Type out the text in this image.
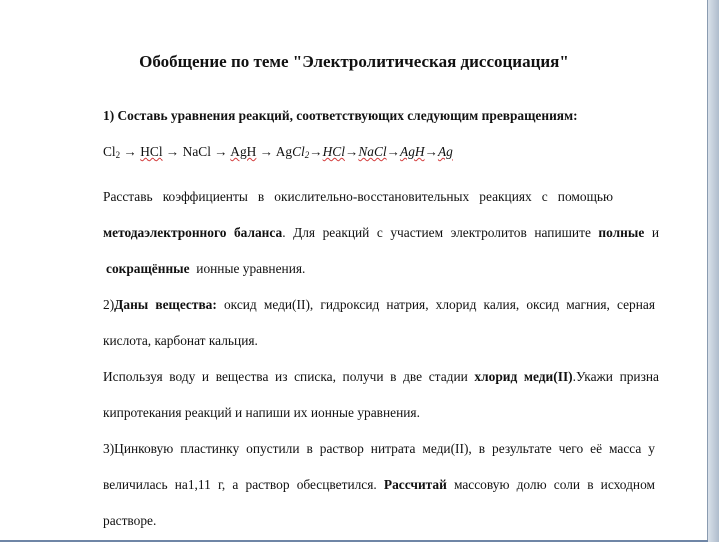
Обобщение по теме "Электролитическая диссоциация"
1) Составь уравнения реакций, соответствующих следующим превращениям:
$Cl_2$ → HCl → NaCl → AgH → AgCl$_2$→HCl→NaCl→AgH→Ag
Расставь коэффициенты в окислительно-восстановительных реакциях с помощью
методаэлектронного баланса. Для реакций с участием электролитов напишите полные и
сокращённые ионные уравнения.
2)Даны вещества: оксид меди(II), гидроксид натрия, хлорид калия, оксид магния, серная
кислота, карбонат кальция.
Используя воду и вещества из списка, получи в две стадии хлорид меди(II).Укажи призна
кипротекания реакций и напиши их ионные уравнения.
3)Цинковую пластинку опустили в раствор нитрата меди(II), в результате чего её масса у
величилась на1,11 г, а раствор обесцветился. Рассчитай массовую долю соли в исходном
растворе.
